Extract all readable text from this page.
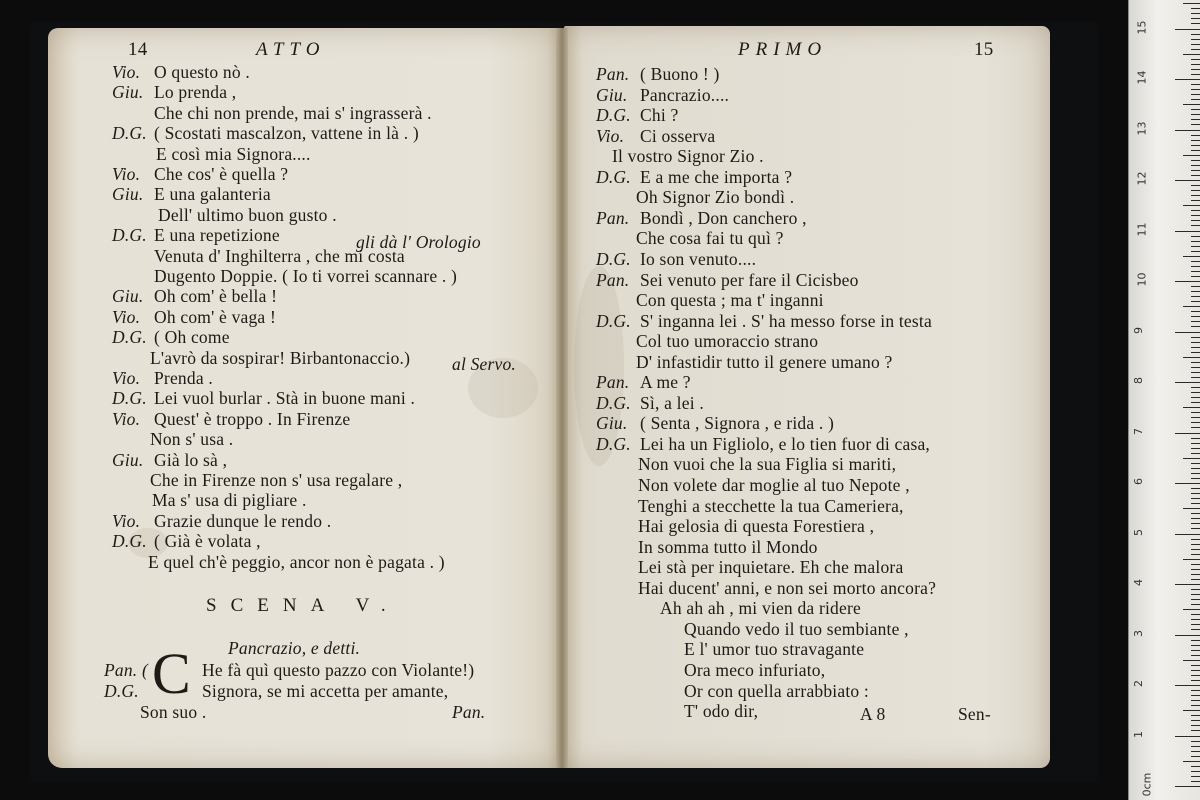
14	ATTO
Vio. O questo nò .
Giu. Lo prenda ,
Che chi non prende, mai s' ingrasserà .
D.G. ( Scostati mascalzon, vattene in là . )
E così mia Signora....
Vio. Che cos' è quella ?
Giu. E una galanteria
Dell' ultimo buon gusto .
D.G. E una repetizione
Venuta d' Inghilterra , che mi costa
Dugento Doppie. ( Io ti vorrei scannare . )
Giu. Oh com' è bella !
Vio. Oh com' è vaga !
D.G. ( Oh come
L'avrò da sospirar! Birbantonaccio.)
Vio. Prenda .
D.G. Lei vuol burlar . Stà in buone mani .
Vio. Quest' è troppo . In Firenze
Non s' usa .
Giu. Già lo sà ,
Che in Firenze non s' usa regalare ,
Ma s' usa di pigliare .
Vio. Grazie dunque le rendo .
D.G. ( Già è volata ,
E quel ch'è peggio, ancor non è pagata . )
gli dà l' Orologio
al Servo.
SCENA V.
Pancrazio, e detti.
C
Pan. (	He fà quì questo pazzo con Violante!)
D.G.	Signora, se mi accetta per amante,
Son suo .	Pan.
PRIMO	15
Pan. ( Buono ! )
Giu. Pancrazio....
D.G. Chi ?
Vio. Ci osserva
Il vostro Signor Zio .
D.G. E a me che importa ?
Oh Signor Zio bondì .
Pan. Bondì , Don canchero ,
Che cosa fai tu quì ?
D.G. Io son venuto....
Pan. Sei venuto per fare il Cicisbeo
Con questa ; ma t' inganni
D.G. S' inganna lei . S' ha messo forse in testa
Col tuo umoraccio strano
D' infastidir tutto il genere umano ?
Pan. A me ?
D.G. Sì, a lei .
Giu. ( Senta , Signora , e rida . )
D.G. Lei ha un Figliolo, e lo tien fuor di casa,
Non vuoi che la sua Figlia si mariti,
Non volete dar moglie al tuo Nepote ,
Tenghi a stecchette la tua Cameriera,
Hai gelosia di questa Forestiera ,
In somma tutto il Mondo
Lei stà per inquietare. Eh che malora
Hai ducent' anni, e non sei morto ancora?
Ah ah ah , mi vien da ridere
Quando vedo il tuo sembiante ,
E l' umor tuo stravagante
Ora meco infuriato,
Or con quella arrabbiato :
T' odo dir,	A 8	Sen-
0cm
1
2
3
4
5
6
7
8
9
10
11
12
13
14
15
